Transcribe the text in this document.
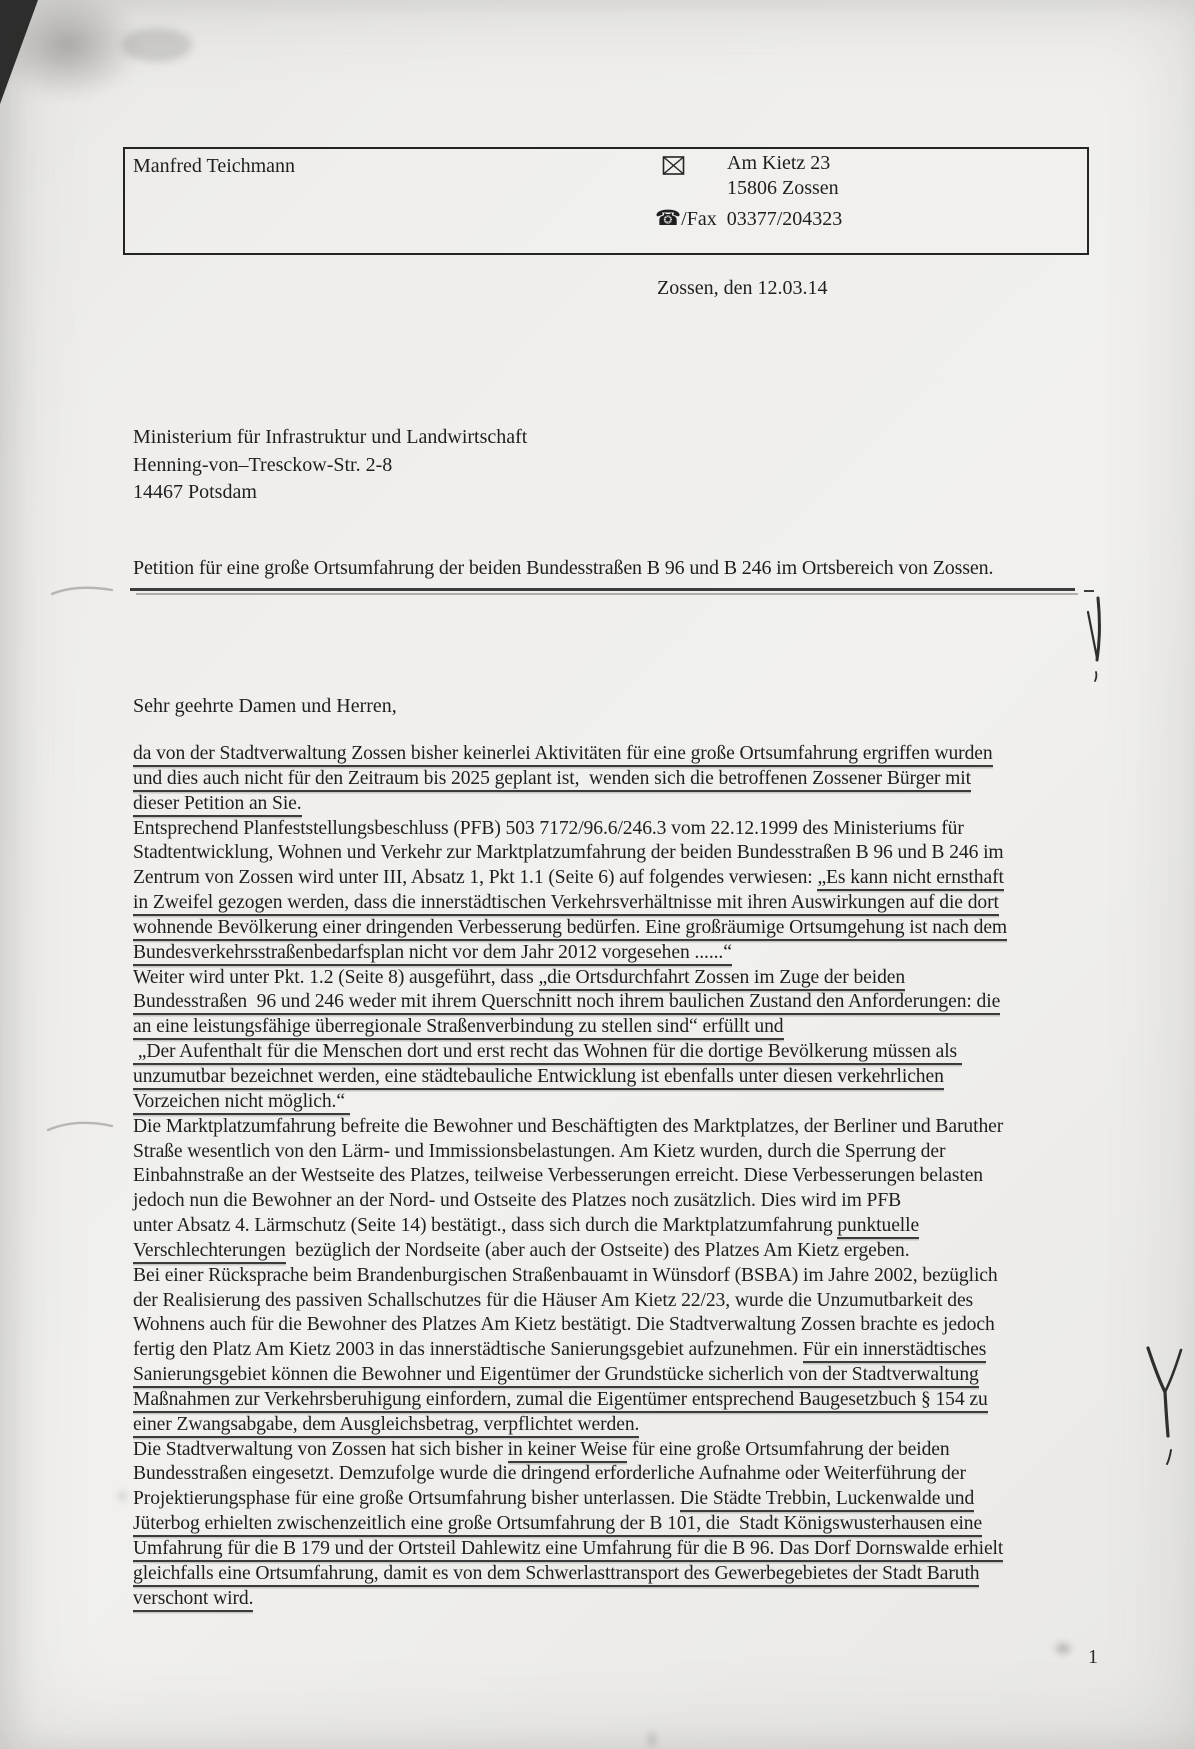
Manfred Teichmann	Am Kietz 23
15806 Zossen
☎/Fax 03377/204323
Zossen, den 12.03.14
Ministerium für Infrastruktur und Landwirtschaft
Henning-von–Tresckow-Str. 2-8
14467 Potsdam
Petition für eine große Ortsumfahrung der beiden Bundesstraßen B 96 und B 246 im Ortsbereich von Zossen.
Sehr geehrte Damen und Herren,
da von der Stadtverwaltung Zossen bisher keinerlei Aktivitäten für eine große Ortsumfahrung ergriffen wurden
und dies auch nicht für den Zeitraum bis 2025 geplant ist,  wenden sich die betroffenen Zossener Bürger mit
dieser Petition an Sie.
Entsprechend Planfeststellungsbeschluss (PFB) 503 7172/96.6/246.3 vom 22.12.1999 des Ministeriums für
Stadtentwicklung, Wohnen und Verkehr zur Marktplatzumfahrung der beiden Bundesstraßen B 96 und B 246 im
Zentrum von Zossen wird unter III, Absatz 1, Pkt 1.1 (Seite 6) auf folgendes verwiesen: „Es kann nicht ernsthaft
in Zweifel gezogen werden, dass die innerstädtischen Verkehrsverhältnisse mit ihren Auswirkungen auf die dort
wohnende Bevölkerung einer dringenden Verbesserung bedürfen. Eine großräumige Ortsumgehung ist nach dem
Bundesverkehrsstraßenbedarfsplan nicht vor dem Jahr 2012 vorgesehen ......“
Weiter wird unter Pkt. 1.2 (Seite 8) ausgeführt, dass „die Ortsdurchfahrt Zossen im Zuge der beiden
Bundesstraßen  96 und 246 weder mit ihrem Querschnitt noch ihrem baulichen Zustand den Anforderungen: die
an eine leistungsfähige überregionale Straßenverbindung zu stellen sind“ erfüllt und
„Der Aufenthalt für die Menschen dort und erst recht das Wohnen für die dortige Bevölkerung müssen als
unzumutbar bezeichnet werden, eine städtebauliche Entwicklung ist ebenfalls unter diesen verkehrlichen
Vorzeichen nicht möglich.“
Die Marktplatzumfahrung befreite die Bewohner und Beschäftigten des Marktplatzes, der Berliner und Baruther
Straße wesentlich von den Lärm- und Immissionsbelastungen. Am Kietz wurden, durch die Sperrung der
Einbahnstraße an der Westseite des Platzes, teilweise Verbesserungen erreicht. Diese Verbesserungen belasten
jedoch nun die Bewohner an der Nord- und Ostseite des Platzes noch zusätzlich. Dies wird im PFB
unter Absatz 4. Lärmschutz (Seite 14) bestätigt., dass sich durch die Marktplatzumfahrung punktuelle
Verschlechterungen  bezüglich der Nordseite (aber auch der Ostseite) des Platzes Am Kietz ergeben.
Bei einer Rücksprache beim Brandenburgischen Straßenbauamt in Wünsdorf (BSBA) im Jahre 2002, bezüglich
der Realisierung des passiven Schallschutzes für die Häuser Am Kietz 22/23, wurde die Unzumutbarkeit des
Wohnens auch für die Bewohner des Platzes Am Kietz bestätigt. Die Stadtverwaltung Zossen brachte es jedoch
fertig den Platz Am Kietz 2003 in das innerstädtische Sanierungsgebiet aufzunehmen. Für ein innerstädtisches
Sanierungsgebiet können die Bewohner und Eigentümer der Grundstücke sicherlich von der Stadtverwaltung
Maßnahmen zur Verkehrsberuhigung einfordern, zumal die Eigentümer entsprechend Baugesetzbuch § 154 zu
einer Zwangsabgabe, dem Ausgleichsbetrag, verpflichtet werden.
Die Stadtverwaltung von Zossen hat sich bisher in keiner Weise für eine große Ortsumfahrung der beiden
Bundesstraßen eingesetzt. Demzufolge wurde die dringend erforderliche Aufnahme oder Weiterführung der
Projektierungsphase für eine große Ortsumfahrung bisher unterlassen. Die Städte Trebbin, Luckenwalde und
Jüterbog erhielten zwischenzeitlich eine große Ortsumfahrung der B 101, die  Stadt Königswusterhausen eine
Umfahrung für die B 179 und der Ortsteil Dahlewitz eine Umfahrung für die B 96. Das Dorf Dornswalde erhielt
gleichfalls eine Ortsumfahrung, damit es von dem Schwerlasttransport des Gewerbegebietes der Stadt Baruth
verschont wird.
1
